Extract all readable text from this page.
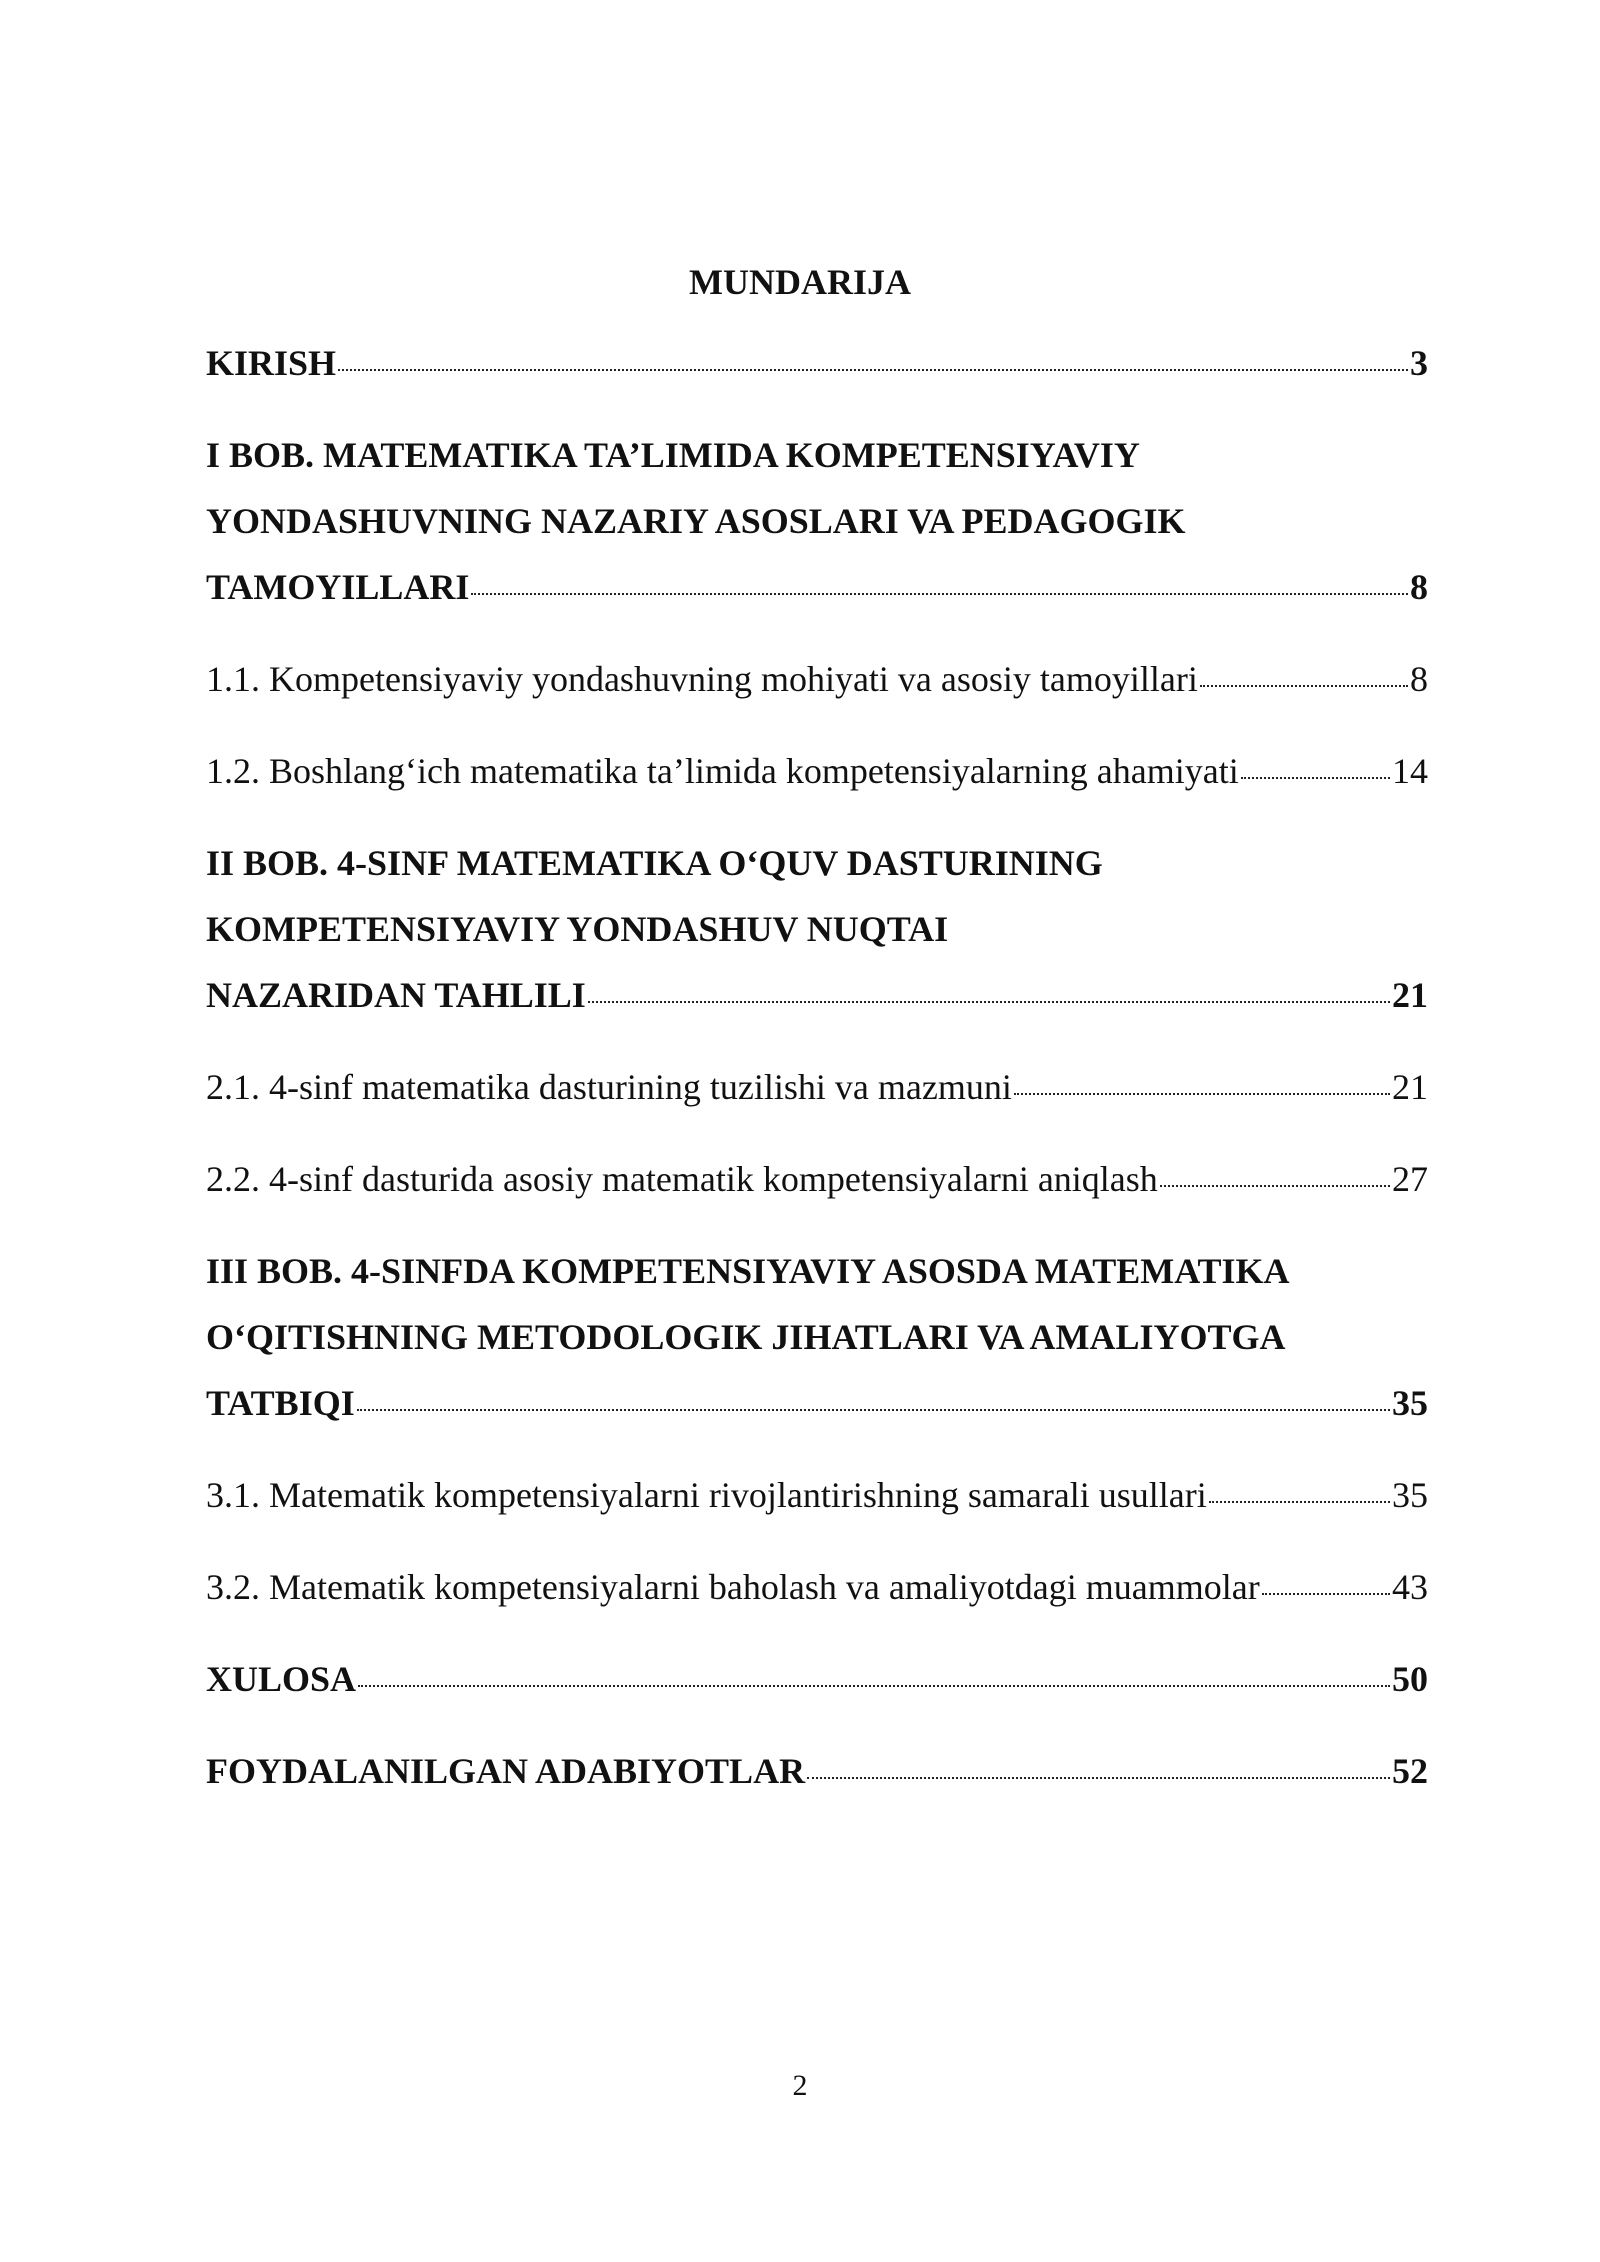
MUNDARIJA
KIRISH	3
I BOB. MATEMATIKA TA’LIMIDA KOMPETENSIYAVIY
YONDASHUVNING NAZARIY ASOSLARI VA PEDAGOGIK
TAMOYILLARI	8
1.1. Kompetensiyaviy yondashuvning mohiyati va asosiy tamoyillari	8
1.2. Boshlang‘ich matematika ta’limida kompetensiyalarning ahamiyati	14
II BOB. 4-SINF MATEMATIKA O‘QUV DASTURINING
KOMPETENSIYAVIY YONDASHUV NUQTAI
NAZARIDAN TAHLILI	21
2.1. 4-sinf matematika dasturining tuzilishi va mazmuni	21
2.2. 4-sinf dasturida asosiy matematik kompetensiyalarni aniqlash	27
III BOB. 4-SINFDA KOMPETENSIYAVIY ASOSDA MATEMATIKA
O‘QITISHNING METODOLOGIK JIHATLARI VA AMALIYOTGA
TATBIQI	35
3.1. Matematik kompetensiyalarni rivojlantirishning samarali usullari	35
3.2. Matematik kompetensiyalarni baholash va amaliyotdagi muammolar	43
XULOSA	50
FOYDALANILGAN ADABIYOTLAR	52
2
